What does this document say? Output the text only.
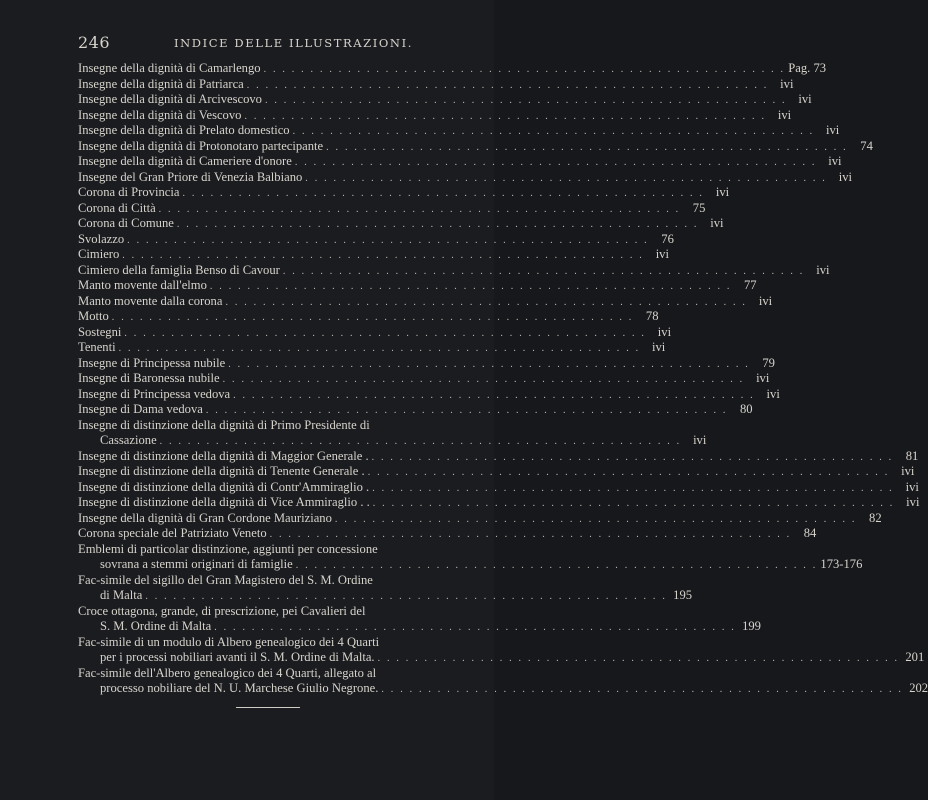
246	INDICE DELLE ILLUSTRAZIONI.
Insegne della dignità di Camarlengo . . . . . . . . . . . . . . . . . . . . . . . . . . . . . . . . . . . . . . . . . . . . . . . . . . . . . . . . Pag. 73
Insegne della dignità di Patriarca . . . . . . . . . . . . . . . . . . . . . . . . . . . . . . . . . . . . . . . . . . . . . . . . . . . . . . . . ivi
Insegne della dignità di Arcivescovo . . . . . . . . . . . . . . . . . . . . . . . . . . . . . . . . . . . . . . . . . . . . . . . . . . . . . . . . ivi
Insegne della dignità di Vescovo . . . . . . . . . . . . . . . . . . . . . . . . . . . . . . . . . . . . . . . . . . . . . . . . . . . . . . . . ivi
Insegne della dignità di Prelato domestico . . . . . . . . . . . . . . . . . . . . . . . . . . . . . . . . . . . . . . . . . . . . . . . . . . . . . . . . ivi
Insegne della dignità di Protonotaro partecipante . . . . . . . . . . . . . . . . . . . . . . . . . . . . . . . . . . . . . . . . . . . . . . . . . . . . . . . . 74
Insegne della dignità di Cameriere d'onore . . . . . . . . . . . . . . . . . . . . . . . . . . . . . . . . . . . . . . . . . . . . . . . . . . . . . . . . ivi
Insegne del Gran Priore di Venezia Balbiano . . . . . . . . . . . . . . . . . . . . . . . . . . . . . . . . . . . . . . . . . . . . . . . . . . . . . . . . ivi
Corona di Provincia . . . . . . . . . . . . . . . . . . . . . . . . . . . . . . . . . . . . . . . . . . . . . . . . . . . . . . . . ivi
Corona di Città . . . . . . . . . . . . . . . . . . . . . . . . . . . . . . . . . . . . . . . . . . . . . . . . . . . . . . . . 75
Corona di Comune . . . . . . . . . . . . . . . . . . . . . . . . . . . . . . . . . . . . . . . . . . . . . . . . . . . . . . . . ivi
Svolazzo . . . . . . . . . . . . . . . . . . . . . . . . . . . . . . . . . . . . . . . . . . . . . . . . . . . . . . . . 76
Cimiero . . . . . . . . . . . . . . . . . . . . . . . . . . . . . . . . . . . . . . . . . . . . . . . . . . . . . . . . ivi
Cimiero della famiglia Benso di Cavour . . . . . . . . . . . . . . . . . . . . . . . . . . . . . . . . . . . . . . . . . . . . . . . . . . . . . . . . ivi
Manto movente dall'elmo . . . . . . . . . . . . . . . . . . . . . . . . . . . . . . . . . . . . . . . . . . . . . . . . . . . . . . . . 77
Manto movente dalla corona . . . . . . . . . . . . . . . . . . . . . . . . . . . . . . . . . . . . . . . . . . . . . . . . . . . . . . . . ivi
Motto . . . . . . . . . . . . . . . . . . . . . . . . . . . . . . . . . . . . . . . . . . . . . . . . . . . . . . . . 78
Sostegni . . . . . . . . . . . . . . . . . . . . . . . . . . . . . . . . . . . . . . . . . . . . . . . . . . . . . . . . ivi
Tenenti . . . . . . . . . . . . . . . . . . . . . . . . . . . . . . . . . . . . . . . . . . . . . . . . . . . . . . . . ivi
Insegne di Principessa nubile . . . . . . . . . . . . . . . . . . . . . . . . . . . . . . . . . . . . . . . . . . . . . . . . . . . . . . . . 79
Insegne di Baronessa nubile . . . . . . . . . . . . . . . . . . . . . . . . . . . . . . . . . . . . . . . . . . . . . . . . . . . . . . . . ivi
Insegne di Principessa vedova . . . . . . . . . . . . . . . . . . . . . . . . . . . . . . . . . . . . . . . . . . . . . . . . . . . . . . . . ivi
Insegne di Dama vedova . . . . . . . . . . . . . . . . . . . . . . . . . . . . . . . . . . . . . . . . . . . . . . . . . . . . . . . . 80
Insegne di distinzione della dignità di Primo Presidente di
Cassazione . . . . . . . . . . . . . . . . . . . . . . . . . . . . . . . . . . . . . . . . . . . . . . . . . . . . . . . . ivi
Insegne di distinzione della dignità di Maggior Generale . . . . . . . . . . . . . . . . . . . . . . . . . . . . . . . . . . . . . . . . . . . . . . . . . . . . . . . . . 81
Insegne di distinzione della dignità di Tenente Generale . . . . . . . . . . . . . . . . . . . . . . . . . . . . . . . . . . . . . . . . . . . . . . . . . . . . . . . . . ivi
Insegne di distinzione della dignità di Contr'Ammiraglio . . . . . . . . . . . . . . . . . . . . . . . . . . . . . . . . . . . . . . . . . . . . . . . . . . . . . . . . . ivi
Insegne di distinzione della dignità di Vice Ammiraglio . . . . . . . . . . . . . . . . . . . . . . . . . . . . . . . . . . . . . . . . . . . . . . . . . . . . . . . . . . ivi
Insegne della dignità di Gran Cordone Mauriziano . . . . . . . . . . . . . . . . . . . . . . . . . . . . . . . . . . . . . . . . . . . . . . . . . . . . . . . . 82
Corona speciale del Patriziato Veneto . . . . . . . . . . . . . . . . . . . . . . . . . . . . . . . . . . . . . . . . . . . . . . . . . . . . . . . . 84
Emblemi di particolar distinzione, aggiunti per concessione
sovrana a stemmi originari di famiglie . . . . . . . . . . . . . . . . . . . . . . . . . . . . . . . . . . . . . . . . . . . . . . . . . . . . . . . . 173-176
Fac-simile del sigillo del Gran Magistero del S. M. Ordine
di Malta . . . . . . . . . . . . . . . . . . . . . . . . . . . . . . . . . . . . . . . . . . . . . . . . . . . . . . . . 195
Croce ottagona, grande, di prescrizione, pei Cavalieri del
S. M. Ordine di Malta . . . . . . . . . . . . . . . . . . . . . . . . . . . . . . . . . . . . . . . . . . . . . . . . . . . . . . . . 199
Fac-simile di un modulo di Albero genealogico dei 4 Quarti
per i processi nobiliari avanti il S. M. Ordine di Malta. . . . . . . . . . . . . . . . . . . . . . . . . . . . . . . . . . . . . . . . . . . . . . . . . . . . . . . . . 201
Fac-simile dell'Albero genealogico dei 4 Quarti, allegato al
processo nobiliare del N. U. Marchese Giulio Negrone. . . . . . . . . . . . . . . . . . . . . . . . . . . . . . . . . . . . . . . . . . . . . . . . . . . . . . . . . 202
